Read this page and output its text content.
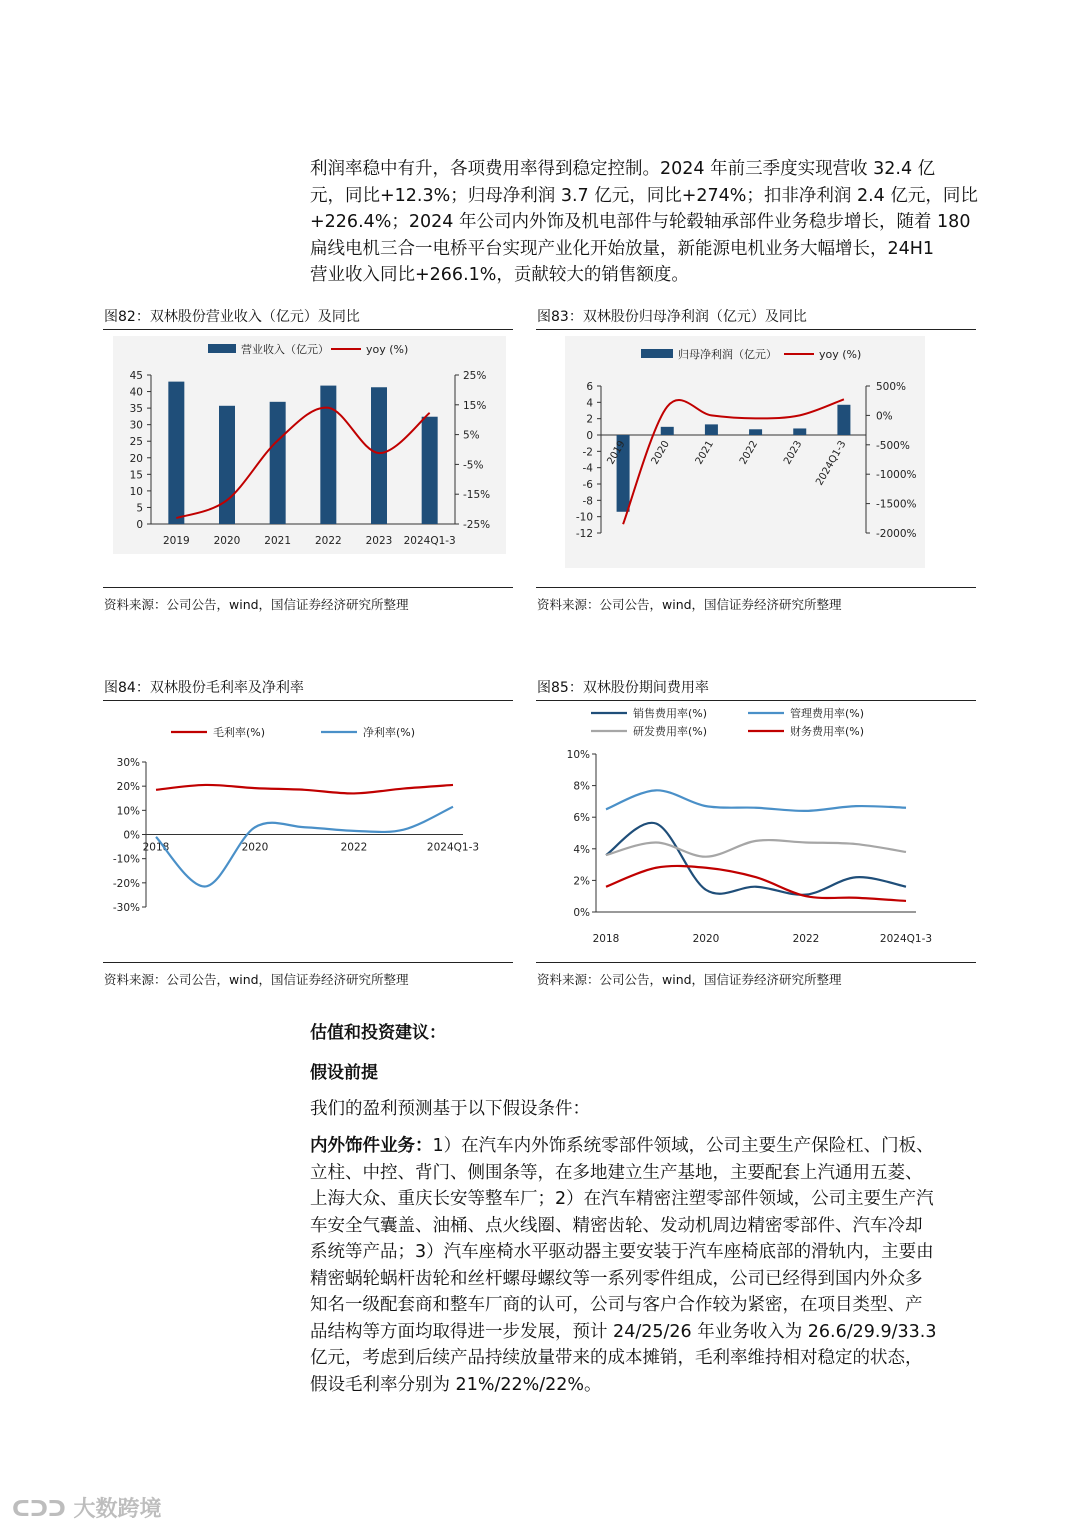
利润率稳中有升，各项费用率得到稳定控制。2024 年前三季度实现营收 32.4 亿
元，同比+12.3%；归母净利润 3.7 亿元，同比+274%；扣非净利润 2.4 亿元，同比
+226.4%；2024 年公司内外饰及机电部件与轮毂轴承部件业务稳步增长，随着 180
扁线电机三合一电桥平台实现产业化开始放量，新能源电机业务大幅增长，24H1
营业收入同比+266.1%，贡献较大的销售额度。
图82：双林股份营业收入（亿元）及同比
营业收入（亿元）	yoy (%)
0
5
10
15
20
25
30
35
40
45
-25%
-15%
-5%
5%
15%
25%
2019 2020 2021 2022 2023 2024Q1-3
资料来源：公司公告，wind，国信证券经济研究所整理
图83：双林股份归母净利润（亿元）及同比
归母净利润（亿元）	yoy (%)
6
4
2
0
-2
-4
-6
-8
-10
-12
500%
0%
-500%
-1000%
-1500%
-2000%
2019 2020 2021 2022 2023 2024Q1-3
资料来源：公司公告，wind，国信证券经济研究所整理
图84：双林股份毛利率及净利率
毛利率(%)	净利率(%)
30%
20%
10%
0%
-10%
-20%
-30%
2018	2020	2022	2024Q1-3
资料来源：公司公告，wind，国信证券经济研究所整理
图85：双林股份期间费用率
销售费用率(%)	管理费用率(%)
研发费用率(%)	财务费用率(%)
10%
8%
6%
4%
2%
0%
2018	2020	2022	2024Q1-3
资料来源：公司公告，wind，国信证券经济研究所整理
估值和投资建议：
假设前提
我们的盈利预测基于以下假设条件：
内外饰件业务：1）在汽车内外饰系统零部件领域，公司主要生产保险杠、门板、
立柱、中控、背门、侧围条等，在多地建立生产基地，主要配套上汽通用五菱、
上海大众、重庆长安等整车厂；2）在汽车精密注塑零部件领域，公司主要生产汽
车安全气囊盖、油桶、点火线圈、精密齿轮、发动机周边精密零部件、汽车冷却
系统等产品；3）汽车座椅水平驱动器主要安装于汽车座椅底部的滑轨内，主要由
精密蜗轮蜗杆齿轮和丝杆螺母螺纹等一系列零件组成，公司已经得到国内外众多
知名一级配套商和整车厂商的认可，公司与客户合作较为紧密，在项目类型、产
品结构等方面均取得进一步发展，预计 24/25/26 年业务收入为 26.6/29.9/33.3
亿元，考虑到后续产品持续放量带来的成本摊销，毛利率维持相对稳定的状态，
假设毛利率分别为 21%/22%/22%。
ᑕᑐᑐ 大数跨境
